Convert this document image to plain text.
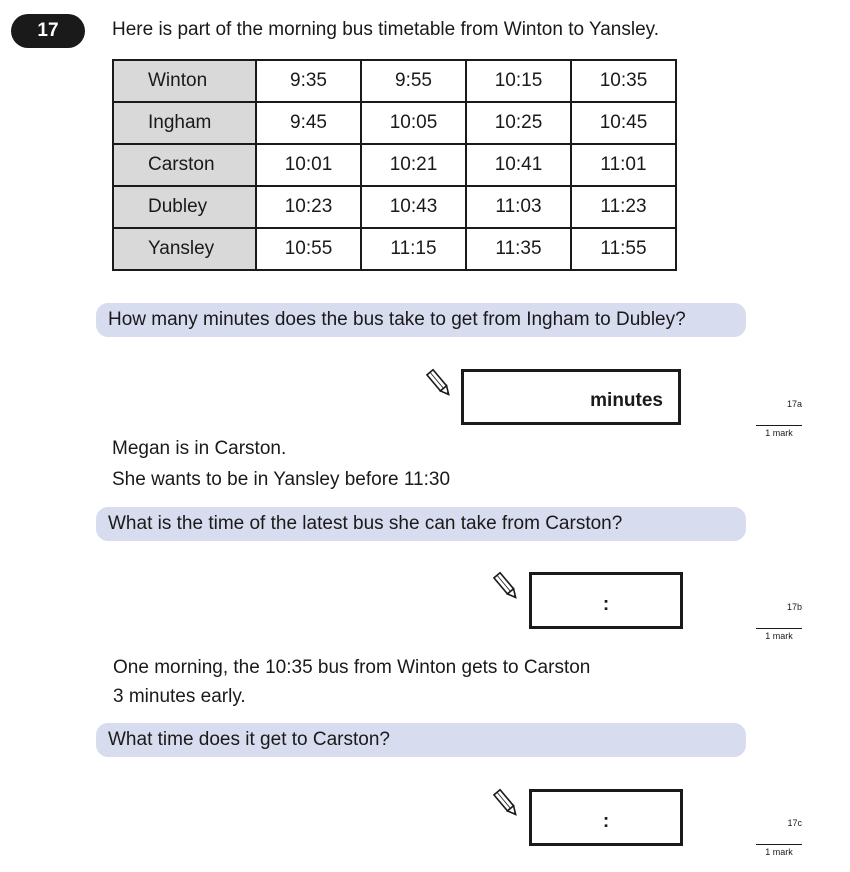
17	Here is part of the morning bus timetable from Winton to Yansley.
Winton	9:35	9:55	10:15	10:35
Ingham	9:45	10:05	10:25	10:45
Carston	10:01	10:21	10:41	11:01
Dubley	10:23	10:43	11:03	11:23
Yansley	10:55	11:15	11:35	11:55
How many minutes does the bus take to get from Ingham to Dubley?
minutes	17a
1 mark
Megan is in Carston.
She wants to be in Yansley before 11:30
What is the time of the latest bus she can take from Carston?
:	17b
1 mark
One morning, the 10:35 bus from Winton gets to Carston
3 minutes early.
What time does it get to Carston?
:	17c
1 mark
